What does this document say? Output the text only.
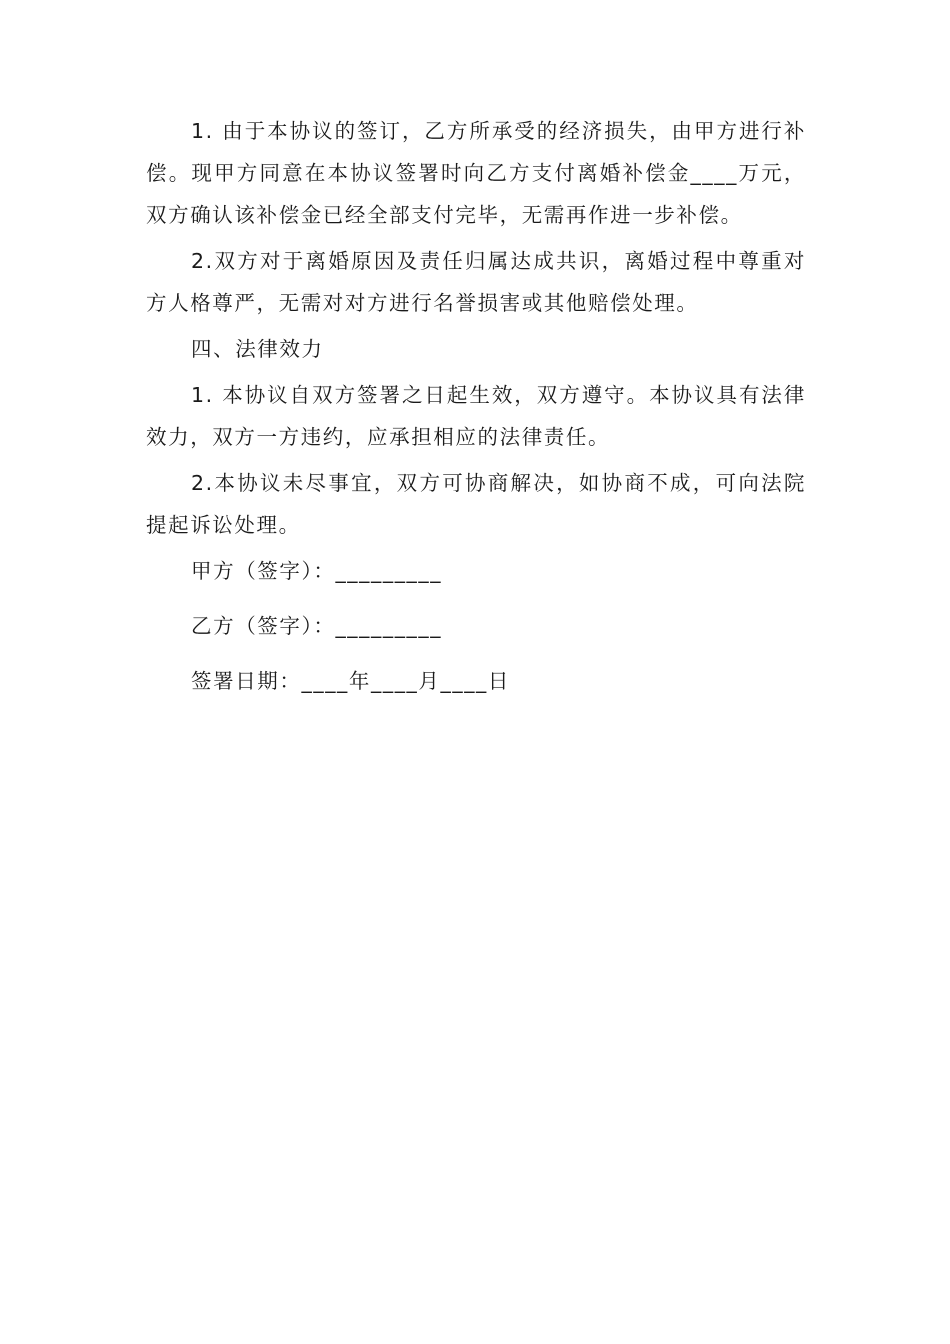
1. 由于本协议的签订，乙方所承受的经济损失，由甲方进行补偿。现甲方同意在本协议签署时向乙方支付离婚补偿金____万元，双方确认该补偿金已经全部支付完毕，无需再作进一步补偿。

2.双方对于离婚原因及责任归属达成共识，离婚过程中尊重对方人格尊严，无需对对方进行名誉损害或其他赔偿处理。

四、法律效力

1. 本协议自双方签署之日起生效，双方遵守。本协议具有法律效力，双方一方违约，应承担相应的法律责任。

2.本协议未尽事宜，双方可协商解决，如协商不成，可向法院提起诉讼处理。

甲方（签字）：_________

乙方（签字）：_________

签署日期：____年____月____日
